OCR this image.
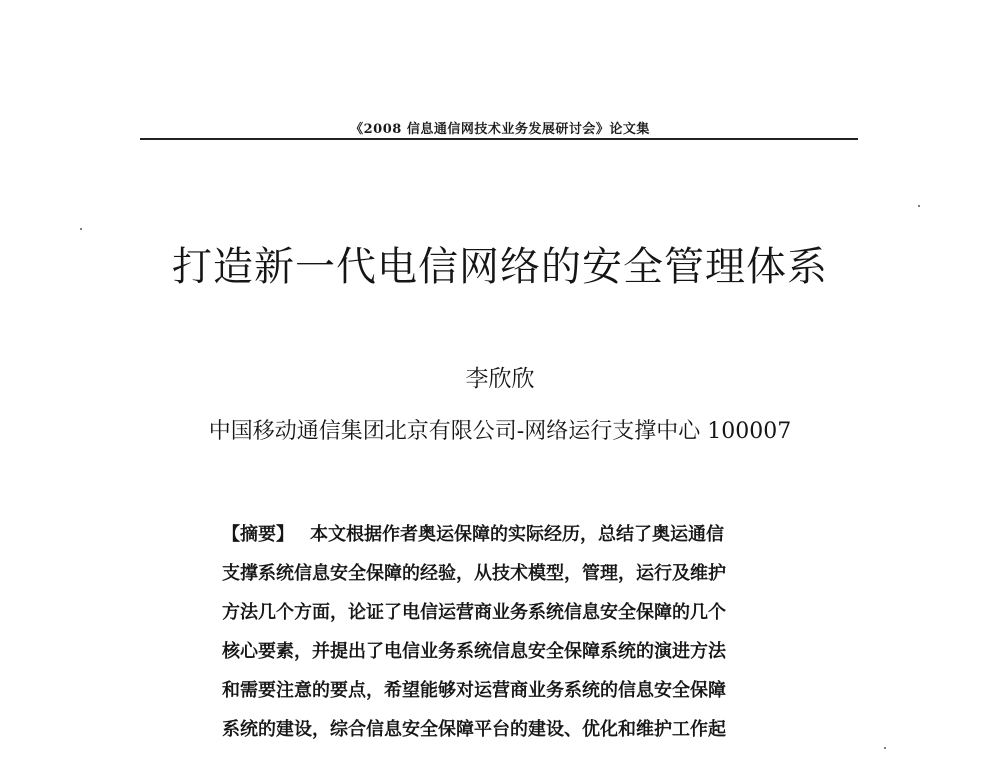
《2008 信息通信网技术业务发展研讨会》论文集
打造新一代电信网络的安全管理体系
李欣欣
中国移动通信集团北京有限公司-网络运行支撑中心 100007
【摘要】 本文根据作者奥运保障的实际经历，总结了奥运通信
支撑系统信息安全保障的经验，从技术模型，管理，运行及维护
方法几个方面，论证了电信运营商业务系统信息安全保障的几个
核心要素，并提出了电信业务系统信息安全保障系统的演进方法
和需要注意的要点，希望能够对运营商业务系统的信息安全保障
系统的建设，综合信息安全保障平台的建设、优化和维护工作起
